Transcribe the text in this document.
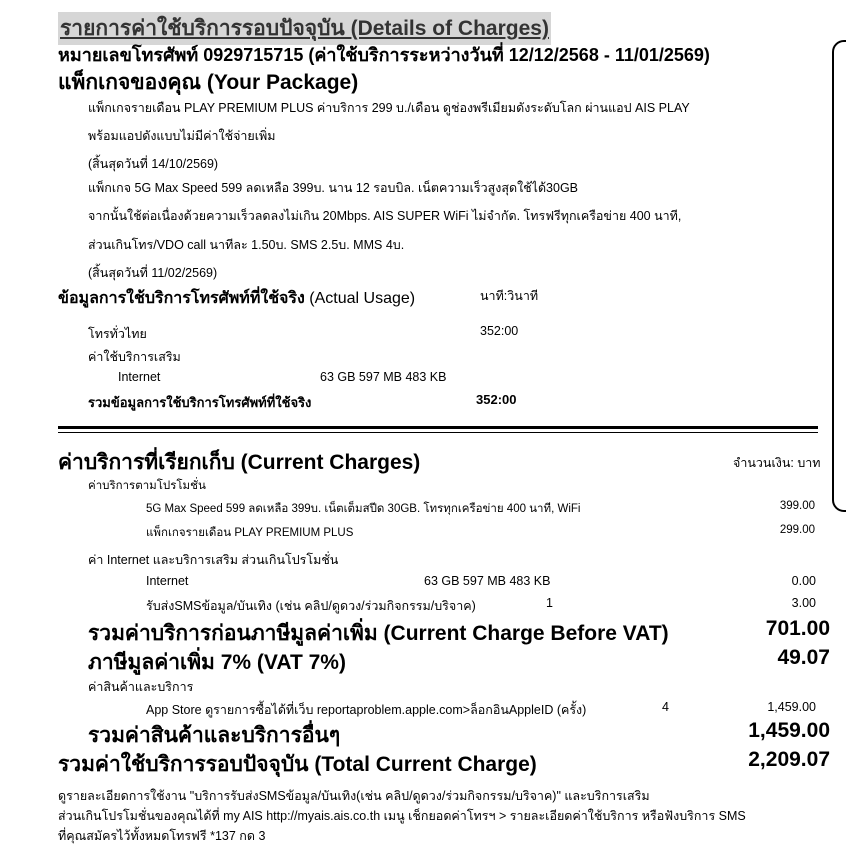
รายการค่าใช้บริการรอบปัจจุบัน (Details of Charges)
หมายเลขโทรศัพท์ 0929715715 (ค่าใช้บริการระหว่างวันที่ 12/12/2568 - 11/01/2569)
แพ็กเกจของคุณ (Your Package)
แพ็กเกจรายเดือน PLAY PREMIUM PLUS ค่าบริการ 299 บ./เดือน ดูช่องพรีเมียมดังระดับโลก ผ่านแอป AIS PLAY
พร้อมแอปดังแบบไม่มีค่าใช้จ่ายเพิ่ม
(สิ้นสุดวันที่ 14/10/2569)
แพ็กเกจ 5G Max Speed 599 ลดเหลือ 399บ. นาน 12 รอบบิล. เน็ตความเร็วสูงสุดใช้ได้30GB
จากนั้นใช้ต่อเนื่องด้วยความเร็วลดลงไม่เกิน 20Mbps. AIS SUPER WiFi ไม่จำกัด. โทรฟรีทุกเครือข่าย 400 นาที,
ส่วนเกินโทร/VDO call นาทีละ 1.50บ. SMS 2.5บ. MMS 4บ.
(สิ้นสุดวันที่ 11/02/2569)
ข้อมูลการใช้บริการโทรศัพท์ที่ใช้จริง (Actual Usage)	นาที:วินาที
โทรทั่วไทย	352:00
ค่าใช้บริการเสริม
Internet	63 GB 597 MB 483 KB
รวมข้อมูลการใช้บริการโทรศัพท์ที่ใช้จริง	352:00
ค่าบริการที่เรียกเก็บ (Current Charges)	จำนวนเงิน: บาท
ค่าบริการตามโปรโมชั่น
5G Max Speed 599 ลดเหลือ 399บ. เน็ตเต็มสปีด 30GB. โทรทุกเครือข่าย 400 นาที, WiFi	399.00
แพ็กเกจรายเดือน PLAY PREMIUM PLUS	299.00
ค่า Internet และบริการเสริม ส่วนเกินโปรโมชั่น
Internet	63 GB 597 MB 483 KB	0.00
รับส่งSMSข้อมูล/บันเทิง (เช่น คลิป/ดูดวง/ร่วมกิจกรรม/บริจาค)	1	3.00
รวมค่าบริการก่อนภาษีมูลค่าเพิ่ม (Current Charge Before VAT)	701.00
ภาษีมูลค่าเพิ่ม 7% (VAT 7%)	49.07
ค่าสินค้าและบริการ
App Store ดูรายการซื้อได้ที่เว็บ reportaproblem.apple.com>ล็อกอินAppleID (ครั้ง)	4	1,459.00
รวมค่าสินค้าและบริการอื่นๆ	1,459.00
รวมค่าใช้บริการรอบปัจจุบัน (Total Current Charge)	2,209.07
ดูรายละเอียดการใช้งาน "บริการรับส่งSMSข้อมูล/บันเทิง(เช่น คลิป/ดูดวง/ร่วมกิจกรรม/บริจาค)" และบริการเสริม
ส่วนเกินโปรโมชั่นของคุณได้ที่ my AIS http://myais.ais.co.th เมนู เช็กยอดค่าโทรฯ > รายละเอียดค่าใช้บริการ หรือฟังบริการ SMS
ที่คุณสมัครไว้ทั้งหมดโทรฟรี *137 กด 3
